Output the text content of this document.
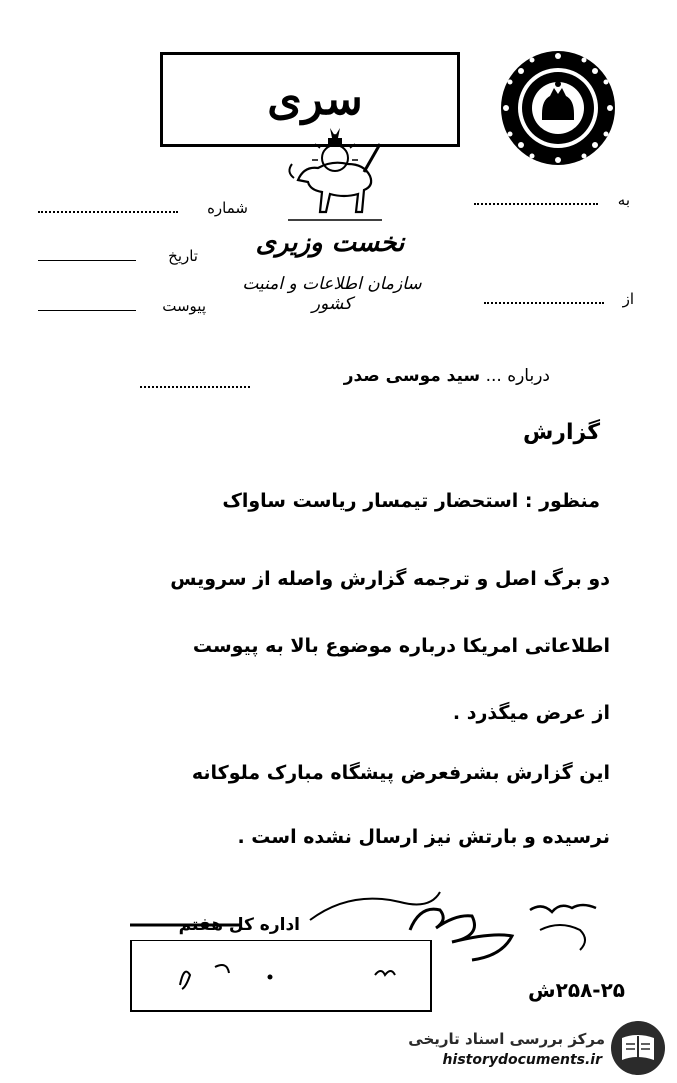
سری
شماره
تاریخ
پیوست
به
از
نخست وزیری
سازمان اطلاعات و امنیت کشور
درباره ... سید موسی صدر
گزارش
منظور : استحضار تیمسار ریاست ساواک
دو برگ اصل و ترجمه گزارش واصله از سرویس
اطلاعاتی امریکا درباره موضوع بالا به پیوست
از عرض میگذرد .
این گزارش بشرفعرض پیشگاه مبارک ملوکانه
نرسیده و بارتش نیز ارسال نشده است .
اداره کل هفتم
۲۵۸-۲۵ش
مرکز بررسی اسناد تاریخی
historydocuments.ir
